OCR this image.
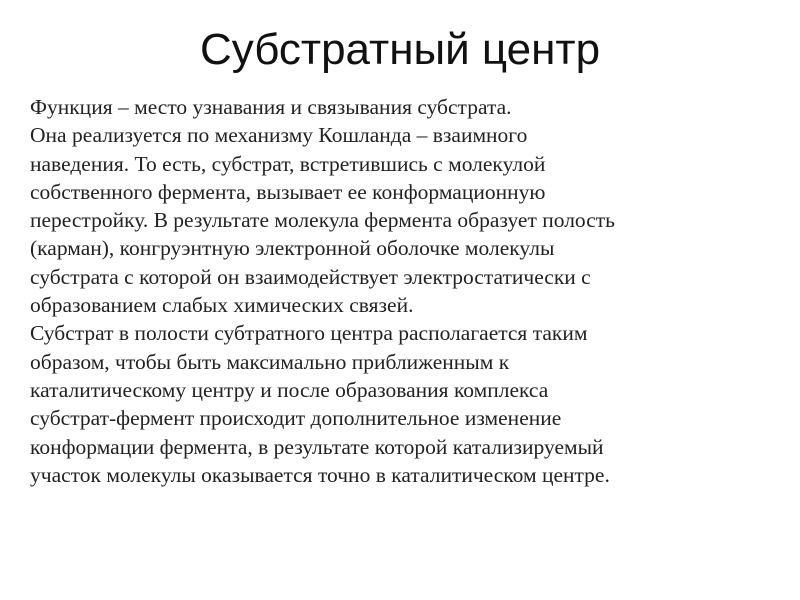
Субстратный центр
Функция – место узнавания и связывания субстрата.
Она реализуется по механизму Кошланда – взаимного
наведения. То есть, субстрат, встретившись с молекулой
собственного фермента, вызывает ее конформационную
перестройку. В результате молекула фермента образует полость
(карман), конгруэнтную электронной оболочке молекулы
субстрата с которой он взаимодействует электростатически с
образованием слабых химических связей.
Субстрат в полости субтратного центра располагается таким
образом, чтобы быть максимально приближенным к
каталитическому центру и после образования комплекса
субстрат-фермент происходит дополнительное изменение
конформации фермента, в результате которой катализируемый
участок молекулы оказывается точно в каталитическом центре.
